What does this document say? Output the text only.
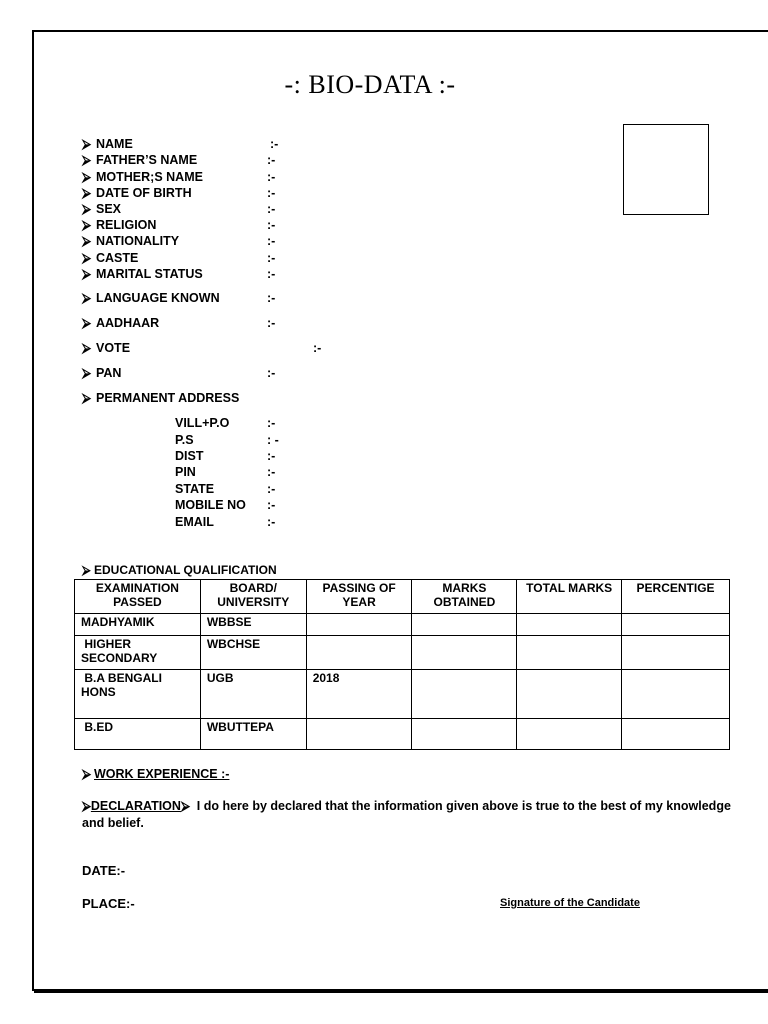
-: BIO-DATA :-
⮚ NAME	:-
⮚ FATHER’S NAME	:-
⮚ MOTHER;S NAME	:-
⮚ DATE OF BIRTH	:-
⮚ SEX	:-
⮚ RELIGION	:-
⮚ NATIONALITY	:-
⮚ CASTE	:-
⮚ MARITAL STATUS	:-
⮚ LANGUAGE KNOWN	:-
⮚ AADHAAR	:-
⮚ VOTE	:-
⮚ PAN	:-
⮚ PERMANENT ADDRESS
VILL+P.O	:-
P.S	: -
DIST	:-
PIN	:-
STATE	:-
MOBILE NO :-
EMAIL	:-
⮚ EDUCATIONAL QUALIFICATION
EXAMINATION PASSED	BOARD/ UNIVERSITY	PASSING OF YEAR	MARKS OBTAINED	TOTAL MARKS	PERCENTIGE
MADHYAMIK	WBBSE				
HIGHER SECONDARY	WBCHSE				
B.A BENGALI HONS	UGB	2018			
B.ED	WBUTTEPA				
⮚ WORK EXPERIENCE :-
⮚DECLARATION⮚ I do here by declared that the information given above is true to the best of my knowledge and belief.
DATE:-
PLACE:-	Signature of the Candidate
